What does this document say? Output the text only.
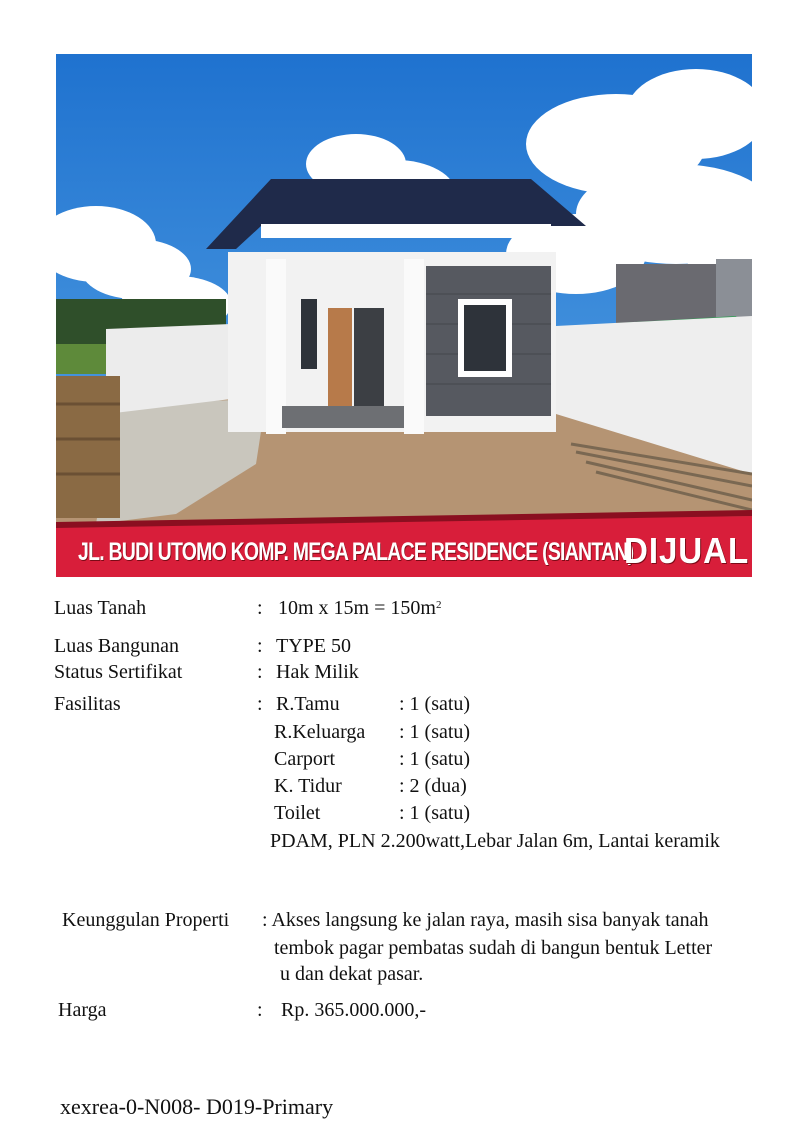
JL. BUDI UTOMO KOMP. MEGA PALACE RESIDENCE (SIANTAN)
DIJUAL
Luas Tanah	: 10m x $15m = 150m^2$
Luas Bangunan	: TYPE 50
Status Sertifikat	: Hak Milik
Fasilitas	: R.Tamu	: 1 (satu)
R.Keluarga : 1 (satu)
Carport	: 1 (satu)
K. Tidur	: 2 (dua)
Toilet	: 1 (satu)
PDAM, PLN 2.200watt,Lebar Jalan 6m, Lantai keramik
Keunggulan Properti : Akses langsung ke jalan raya, masih sisa banyak tanah
tembok pagar pembatas sudah di bangun bentuk Letter
u dan dekat pasar.
Harga	: Rp. 365.000.000,-
xexrea-0-N008- D019-Primary
